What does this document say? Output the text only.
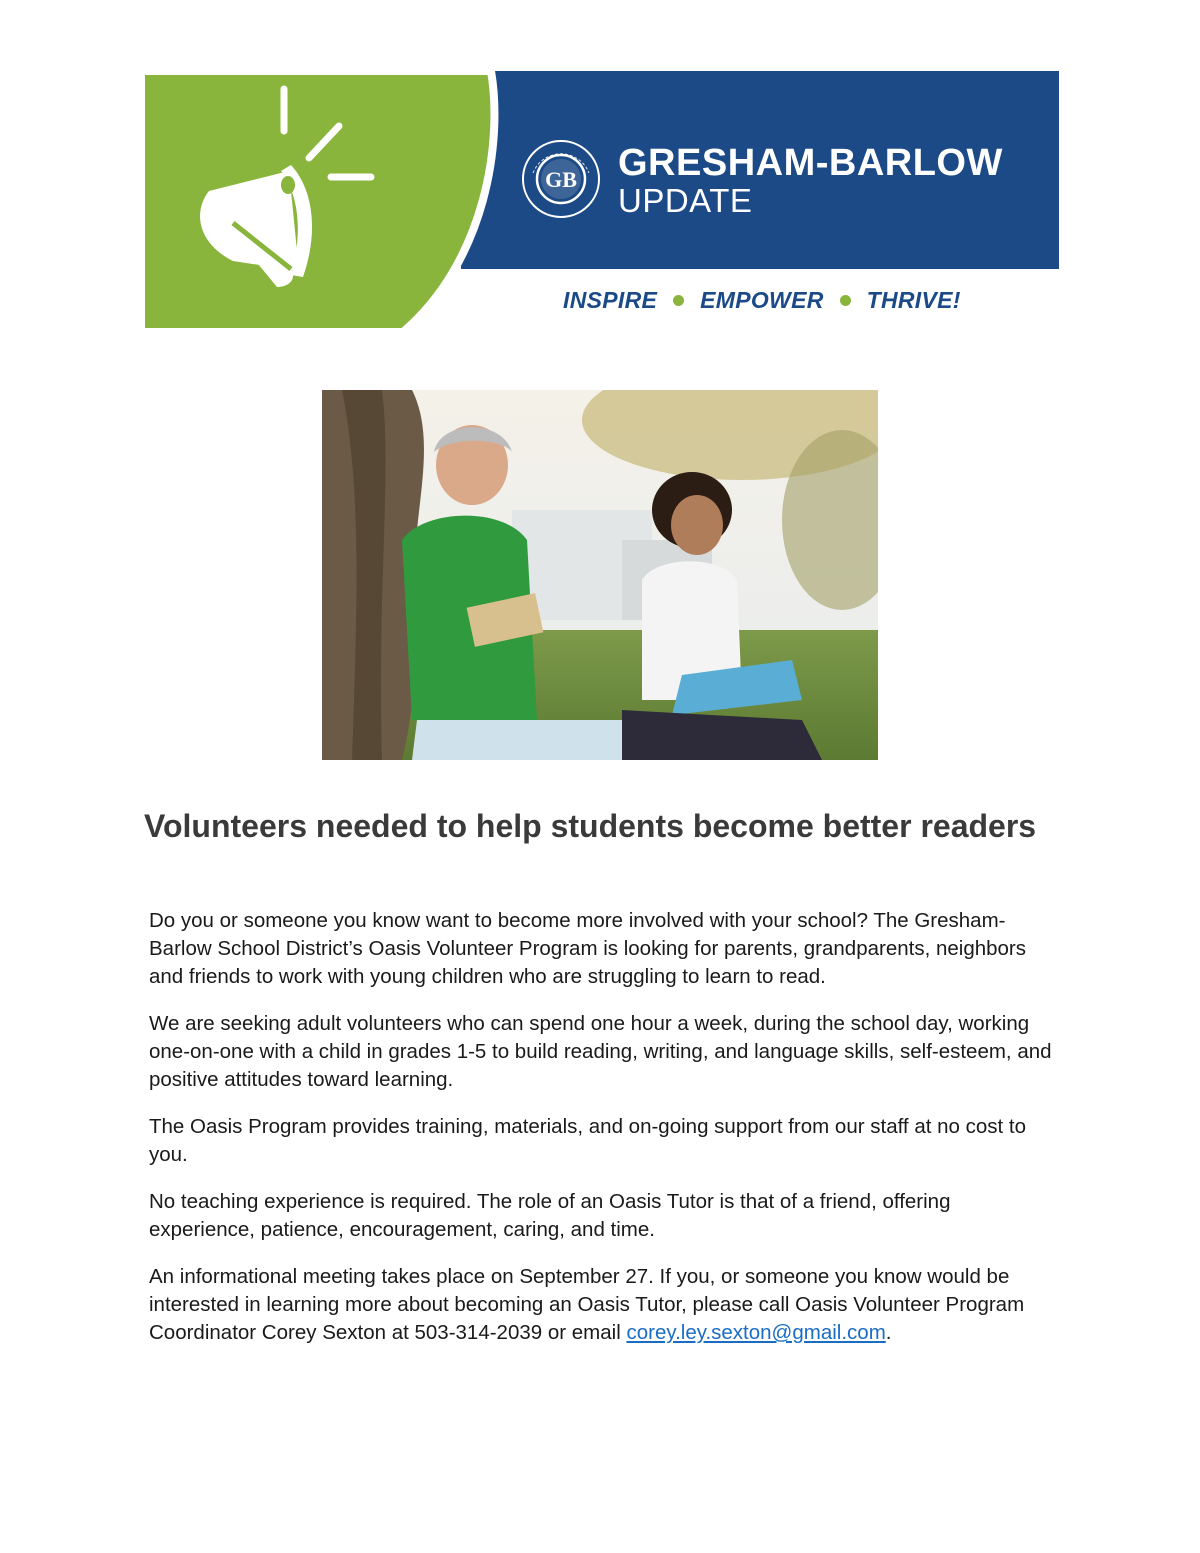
GB GRESHAM-BARLOW
UPDATE
INSPIRE EMPOWER THRIVE!
Volunteers needed to help students become better readers

Do you or someone you know want to become more involved with your school? The Gresham-Barlow School District’s Oasis Volunteer Program is looking for parents, grandparents, neighbors and friends to work with young children who are struggling to learn to read.

We are seeking adult volunteers who can spend one hour a week, during the school day, working one-on-one with a child in grades 1-5 to build reading, writing, and language skills, self-esteem, and positive attitudes toward learning.

The Oasis Program provides training, materials, and on-going support from our staff at no cost to you.

No teaching experience is required. The role of an Oasis Tutor is that of a friend, offering experience, patience, encouragement, caring, and time.

An informational meeting takes place on September 27. If you, or someone you know would be interested in learning more about becoming an Oasis Tutor, please call Oasis Volunteer Program Coordinator Corey Sexton at 503-314-2039 or email corey.ley.sexton@gmail.com.
